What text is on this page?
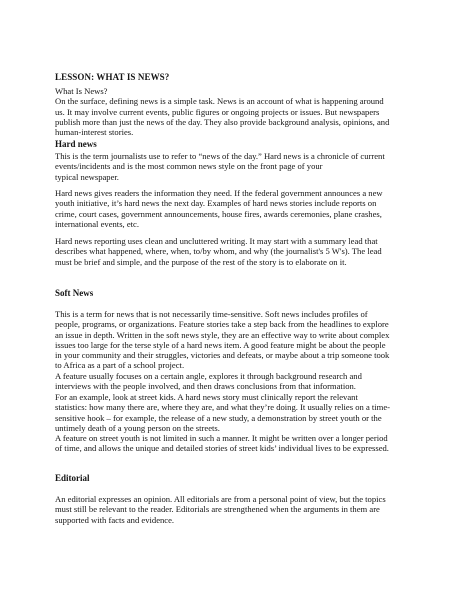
LESSON: WHAT IS NEWS?
What Is News?
On the surface, defining news is a simple task. News is an account of what is happening around
us. It may involve current events, public figures or ongoing projects or issues. But newspapers
publish more than just the news of the day. They also provide background analysis, opinions, and
human-interest stories.
Hard news
This is the term journalists use to refer to “news of the day.” Hard news is a chronicle of current
events/incidents and is the most common news style on the front page of your
typical newspaper.
Hard news gives readers the information they need. If the federal government announces a new
youth initiative, it’s hard news the next day. Examples of hard news stories include reports on
crime, court cases, government announcements, house fires, awards ceremonies, plane crashes,
international events, etc.
Hard news reporting uses clean and uncluttered writing. It may start with a summary lead that
describes what happened, where, when, to/by whom, and why (the journalist's 5 W's). The lead
must be brief and simple, and the purpose of the rest of the story is to elaborate on it.
Soft News
This is a term for news that is not necessarily time-sensitive. Soft news includes profiles of
people, programs, or organizations. Feature stories take a step back from the headlines to explore
an issue in depth. Written in the soft news style, they are an effective way to write about complex
issues too large for the terse style of a hard news item. A good feature might be about the people
in your community and their struggles, victories and defeats, or maybe about a trip someone took
to Africa as a part of a school project.
A feature usually focuses on a certain angle, explores it through background research and
interviews with the people involved, and then draws conclusions from that information.
For an example, look at street kids. A hard news story must clinically report the relevant
statistics: how many there are, where they are, and what they’re doing. It usually relies on a time-
sensitive hook – for example, the release of a new study, a demonstration by street youth or the
untimely death of a young person on the streets.
A feature on street youth is not limited in such a manner. It might be written over a longer period
of time, and allows the unique and detailed stories of street kids’ individual lives to be expressed.
Editorial
An editorial expresses an opinion. All editorials are from a personal point of view, but the topics
must still be relevant to the reader. Editorials are strengthened when the arguments in them are
supported with facts and evidence.
